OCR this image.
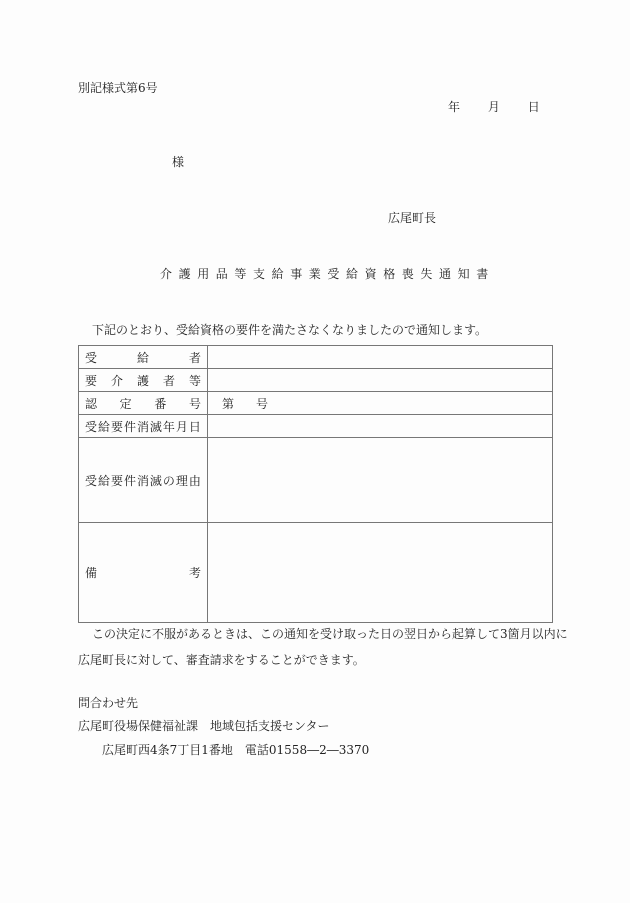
別記様式第6号
年 月 日
様
広尾町長
介護用品等支給事業受給資格喪失通知書
下記のとおり、受給資格の要件を満たさなくなりましたので通知します。
受 給 者	

要 介 護 者 等	

認 定 番 号	第 号

受 給 要 件 消 滅 年 月 日

受 給 要 件 消 滅 の 理 由

備 考	

この決定に不服があるときは、この通知を受け取った日の翌日から起算して3箇月以内に
広尾町長に対して、審査請求をすることができます。
問合わせ先
広尾町役場保健福祉課　地域包括支援センター
広尾町西4条7丁目1番地　電話01558―2―3370
